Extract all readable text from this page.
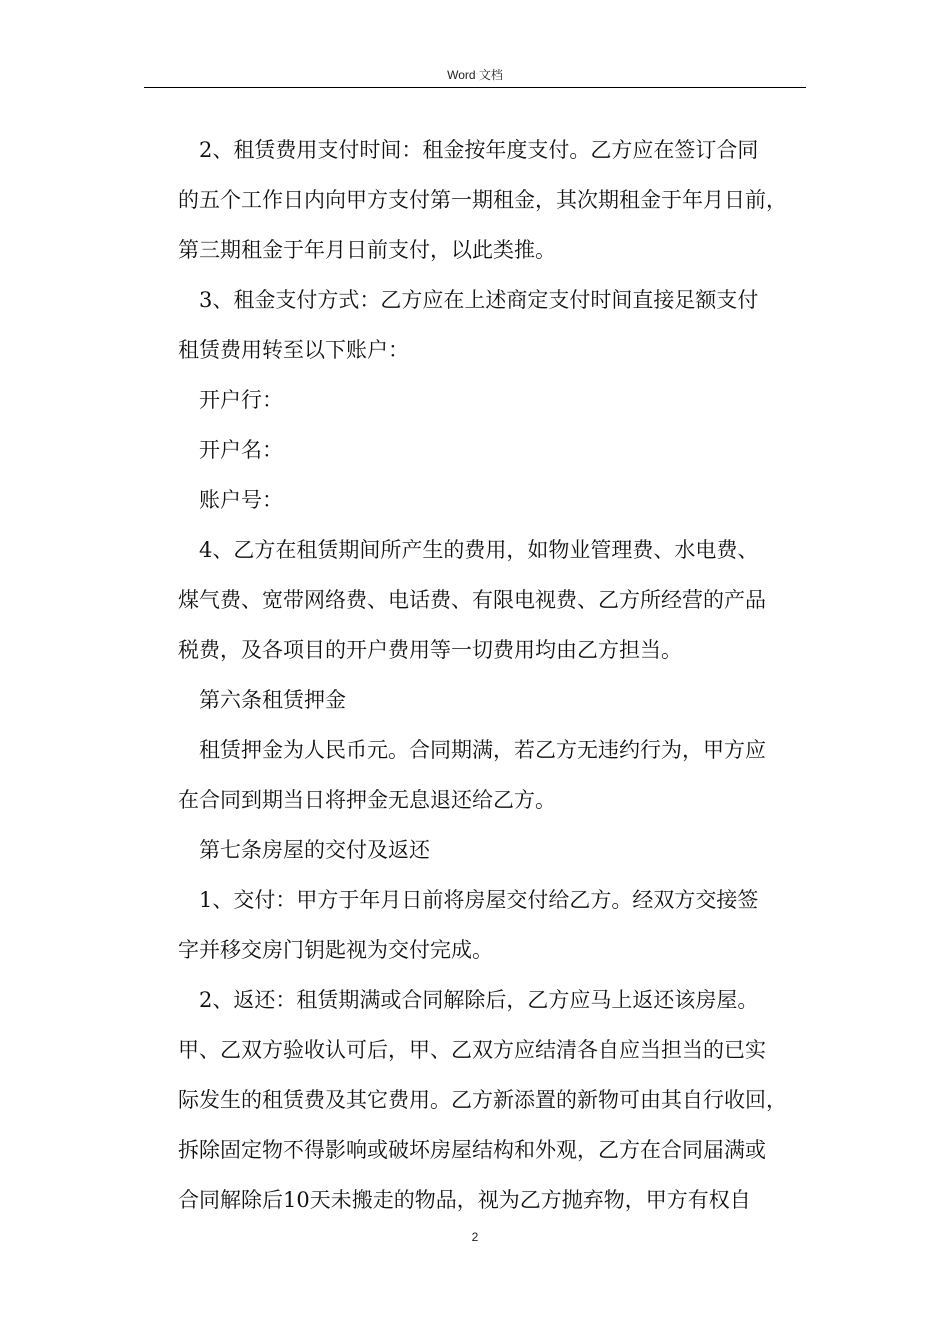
Word 文档
2、租赁费用支付时间：租金按年度支付。乙方应在签订合同
的五个工作日内向甲方支付第一期租金，其次期租金于年月日前，
第三期租金于年月日前支付，以此类推。
3、租金支付方式：乙方应在上述商定支付时间直接足额支付
租赁费用转至以下账户：
开户行：
开户名：
账户号：
4、乙方在租赁期间所产生的费用，如物业管理费、水电费、
煤气费、宽带网络费、电话费、有限电视费、乙方所经营的产品
税费，及各项目的开户费用等一切费用均由乙方担当。
第六条租赁押金
租赁押金为人民币元。合同期满，若乙方无违约行为，甲方应
在合同到期当日将押金无息退还给乙方。
第七条房屋的交付及返还
1、交付：甲方于年月日前将房屋交付给乙方。经双方交接签
字并移交房门钥匙视为交付完成。
2、返还：租赁期满或合同解除后，乙方应马上返还该房屋。
甲、乙双方验收认可后，甲、乙双方应结清各自应当担当的已实
际发生的租赁费及其它费用。乙方新添置的新物可由其自行收回，
拆除固定物不得影响或破坏房屋结构和外观，乙方在合同届满或
合同解除后10天未搬走的物品，视为乙方抛弃物，甲方有权自
2
